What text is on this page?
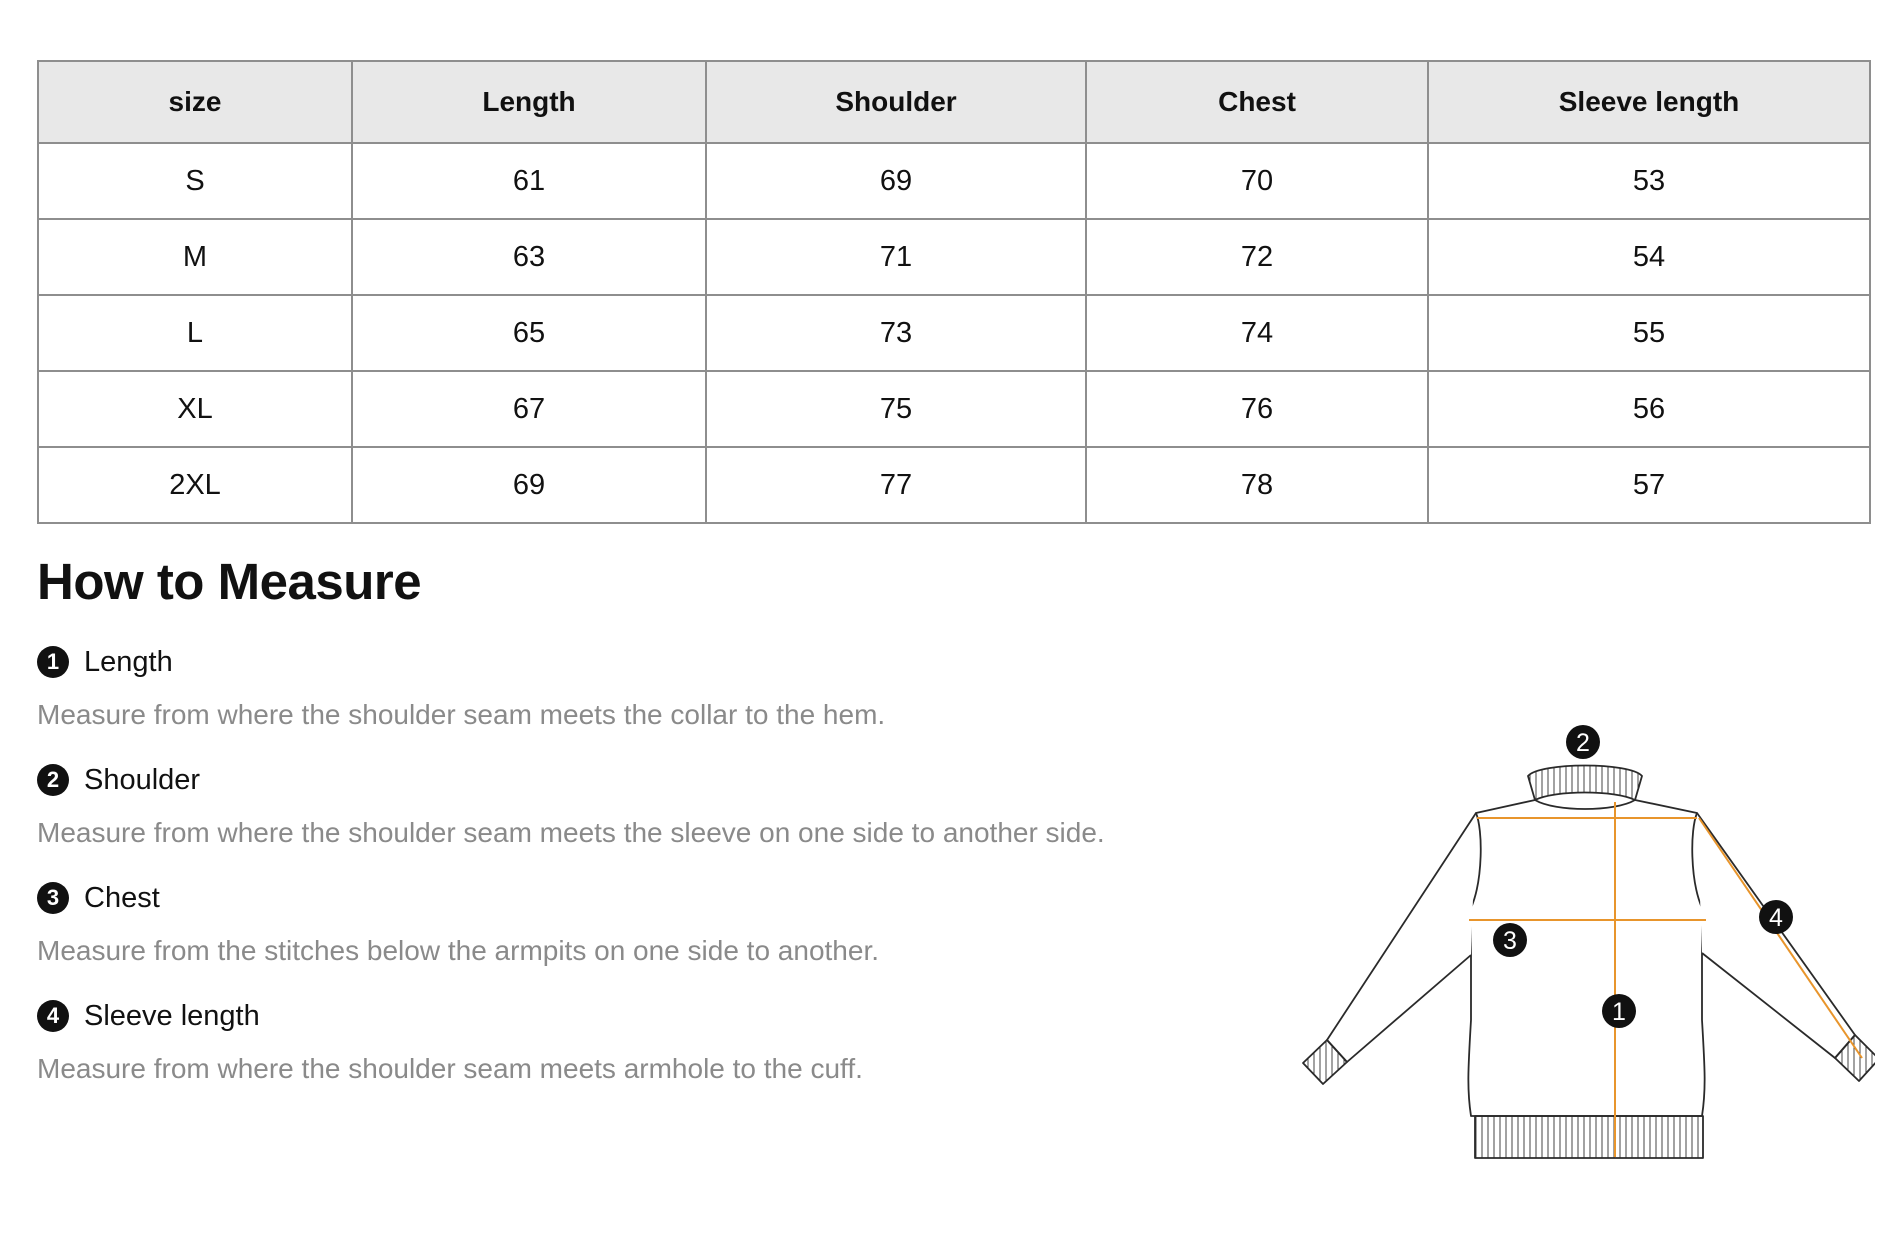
size	Length	Shoulder	Chest	Sleeve length
S	61	69	70	53
M	63	71	72	54
L	65	73	74	55
XL	67	75	76	56
2XL	69	77	78	57
How to Measure
1 Length
Measure from where the shoulder seam meets the collar to the hem.
2 Shoulder
Measure from where the shoulder seam meets the sleeve on one side to another side.
3 Chest
Measure from the stitches below the armpits on one side to another.
4 Sleeve length
Measure from where the shoulder seam meets armhole to the cuff.
2
3
1
4
